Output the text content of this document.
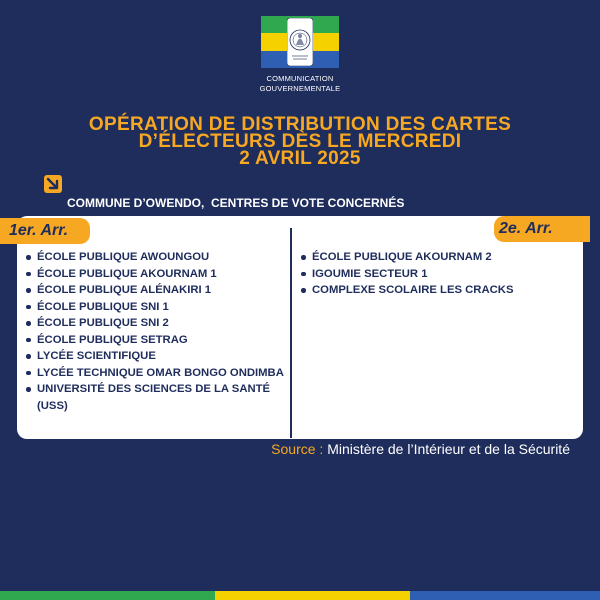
COMMUNICATION
GOUVERNEMENTALE
OPÉRATION DE DISTRIBUTION DES CARTES
D’ÉLECTEURS DÈS LE MERCREDI
2 AVRIL 2025
COMMUNE D’OWENDO,  CENTRES DE VOTE CONCERNÉS
1er. Arr.	2e. Arr.
ÉCOLE PUBLIQUE AWOUNGOU
ÉCOLE PUBLIQUE AKOURNAM 1
ÉCOLE PUBLIQUE ALÉNAKIRI 1
ÉCOLE PUBLIQUE SNI 1
ÉCOLE PUBLIQUE SNI 2
ÉCOLE PUBLIQUE SETRAG
LYCÉE SCIENTIFIQUE
LYCÉE TECHNIQUE OMAR BONGO ONDIMBA
UNIVERSITÉ DES SCIENCES DE LA SANTÉ (USS)
ÉCOLE PUBLIQUE AKOURNAM 2
IGOUMIE SECTEUR 1
COMPLEXE SCOLAIRE LES CRACKS
Source : Ministère de l’Intérieur et de la Sécurité
